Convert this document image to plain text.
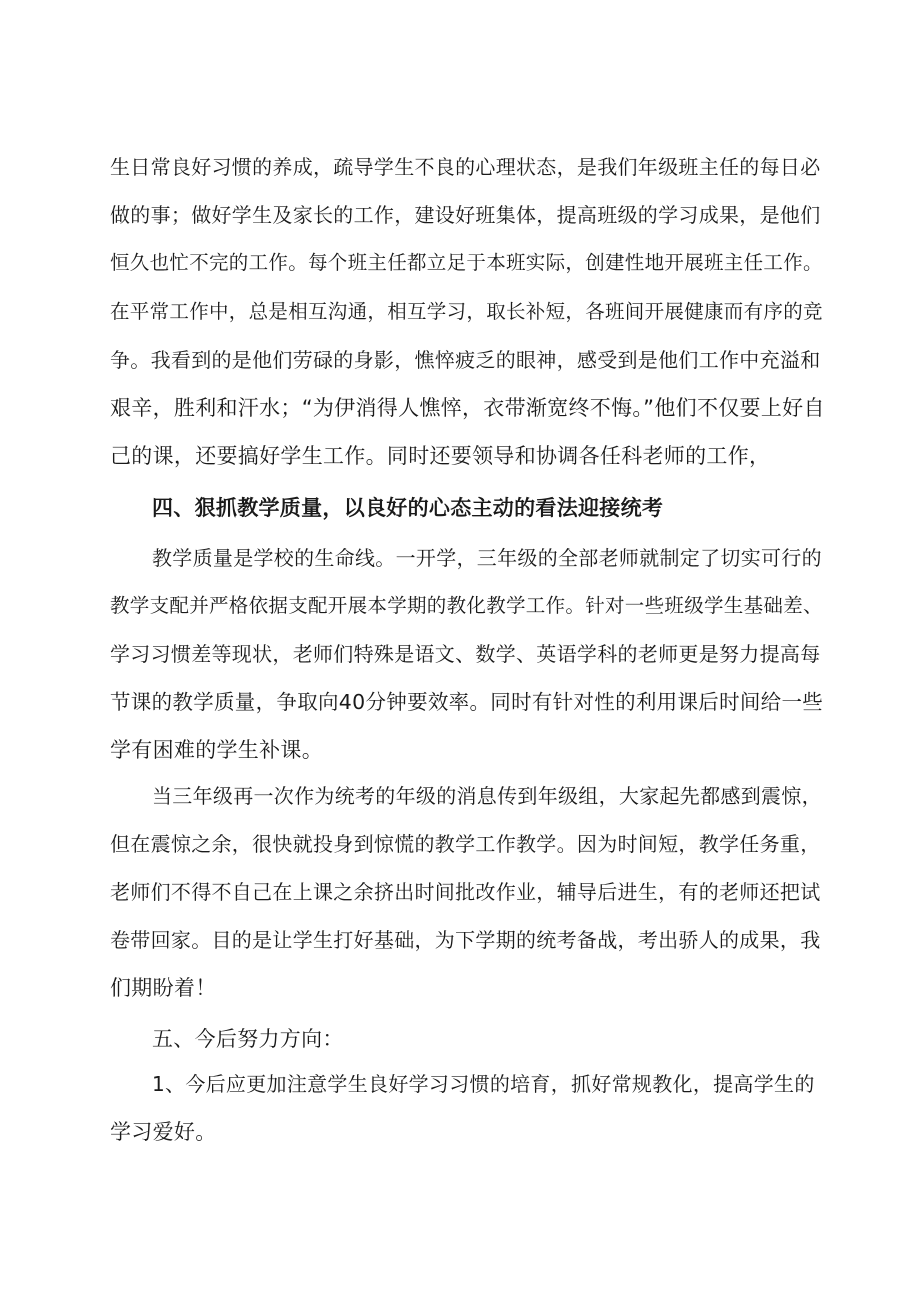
生日常良好习惯的养成，疏导学生不良的心理状态，是我们年级班主任的每日必
做的事；做好学生及家长的工作，建设好班集体，提高班级的学习成果，是他们
恒久也忙不完的工作。每个班主任都立足于本班实际，创建性地开展班主任工作。
在平常工作中，总是相互沟通，相互学习，取长补短，各班间开展健康而有序的竞
争。我看到的是他们劳碌的身影，憔悴疲乏的眼神，感受到是他们工作中充溢和
艰辛，胜利和汗水；“为伊消得人憔悴，衣带渐宽终不悔。”他们不仅要上好自
己的课，还要搞好学生工作。同时还要领导和协调各任科老师的工作，
四、狠抓教学质量，以良好的心态主动的看法迎接统考
教学质量是学校的生命线。一开学，三年级的全部老师就制定了切实可行的
教学支配并严格依据支配开展本学期的教化教学工作。针对一些班级学生基础差、
学习习惯差等现状，老师们特殊是语文、数学、英语学科的老师更是努力提高每
节课的教学质量，争取向40分钟要效率。同时有针对性的利用课后时间给一些
学有困难的学生补课。
当三年级再一次作为统考的年级的消息传到年级组，大家起先都感到震惊，
但在震惊之余，很快就投身到惊慌的教学工作教学。因为时间短，教学任务重，
老师们不得不自己在上课之余挤出时间批改作业，辅导后进生，有的老师还把试
卷带回家。目的是让学生打好基础，为下学期的统考备战，考出骄人的成果，我
们期盼着！
五、今后努力方向：
1、今后应更加注意学生良好学习习惯的培育，抓好常规教化，提高学生的
学习爱好。
